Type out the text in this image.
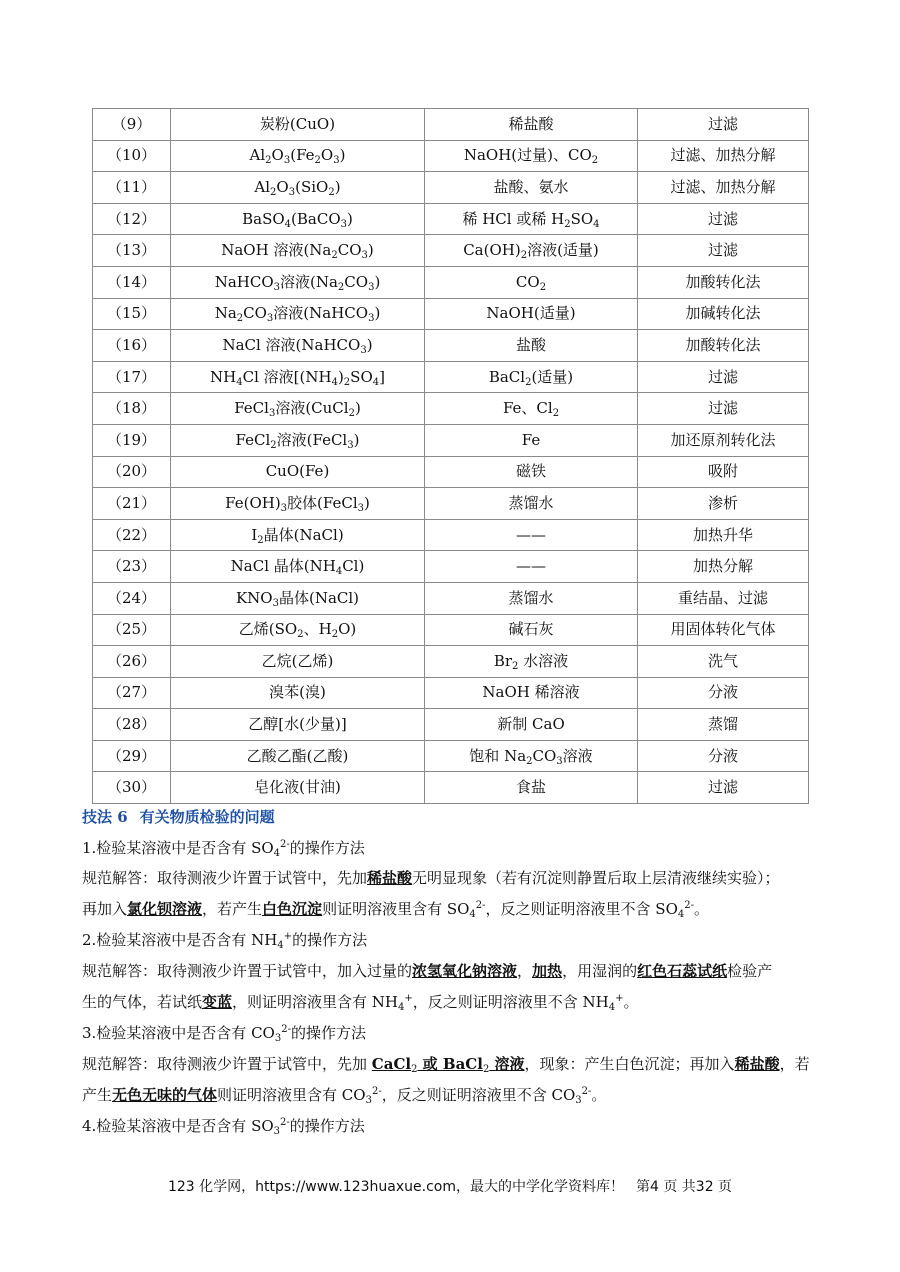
（9）	炭粉(CuO)	稀盐酸	过滤
（10）	$Al_2O_3(Fe_2O_3)$	NaOH(过量)、$CO_2$	过滤、加热分解
（11）	$Al_2O_3(SiO_2)$	盐酸、氨水	过滤、加热分解
（12）	BaSO$_4$(BaCO$_3$)	稀 HCl 或稀 $H_2SO_4$	过滤
（13）	NaOH 溶液$(Na_2CO_3)$	$Ca(OH)_2$溶液(适量)	过滤
（14）	NaHCO$_3$溶液$(Na_2CO_3)$	$CO_2$	加酸转化法
（15）	$Na_2CO_3$溶液(NaHCO$_3$)	NaOH(适量)	加碱转化法
（16）	NaCl 溶液(NaHCO$_3$)	盐酸	加酸转化法
（17）	$NH_4Cl$ 溶液$[(NH_4)_2SO_4]$	BaCl$_2$(适量)	过滤
（18）	FeCl$_3$溶液(CuCl$_2$)	Fe、$Cl_2$	过滤
（19）	FeCl$_2$溶液(FeCl$_3$)	Fe	加还原剂转化法
（20）	CuO(Fe)	磁铁	吸附
（21）	$Fe(OH)_3$胶体(FeCl$_3$)	蒸馏水	渗析
（22）	$I_2$晶体(NaCl)	——	加热升华
（23）	NaCl 晶体$(NH_4Cl)$	——	加热分解
（24）	$KNO_3$晶体(NaCl)	蒸馏水	重结晶、过滤
（25）	乙烯($SO_2$、$H_2O$)	碱石灰	用固体转化气体
（26）	乙烷(乙烯)	$Br_2$ 水溶液	洗气
（27）	溴苯(溴)	NaOH 稀溶液	分液
（28）	乙醇[水(少量)]	新制 CaO	蒸馏
（29）	乙酸乙酯(乙酸)	饱和 $Na_2CO_3$溶液	分液
（30）	皂化液(甘油)	食盐	过滤
技法 6 有关物质检验的问题
1.检验某溶液中是否含有 $SO_4^{2-}$的操作方法
规范解答：取待测液少许置于试管中，先加稀盐酸无明显现象（若有沉淀则静置后取上层清液继续实验）；
再加入氯化钡溶液，若产生白色沉淀则证明溶液里含有 $SO_4^{2-}$，反之则证明溶液里不含 $SO_4^{2-}$。
2.检验某溶液中是否含有 $NH_4^+$的操作方法
规范解答：取待测液少许置于试管中，加入过量的浓氢氧化钠溶液，加热，用湿润的红色石蕊试纸检验产
生的气体，若试纸变蓝，则证明溶液里含有 $NH_4^+$，反之则证明溶液里不含 $NH_4^+$。
3.检验某溶液中是否含有 $CO_3^{2-}$的操作方法
规范解答：取待测液少许置于试管中，先加 CaCl$_2$ 或 BaCl$_2$ 溶液，现象：产生白色沉淀；再加入稀盐酸，若
产生无色无味的气体则证明溶液里含有 $CO_3^{2-}$，反之则证明溶液里不含 $CO_3^{2-}$。
4.检验某溶液中是否含有 $SO_3^{2-}$的操作方法
123 化学网，https://www.123huaxue.com，最大的中学化学资料库！ 第4 页 共32 页
